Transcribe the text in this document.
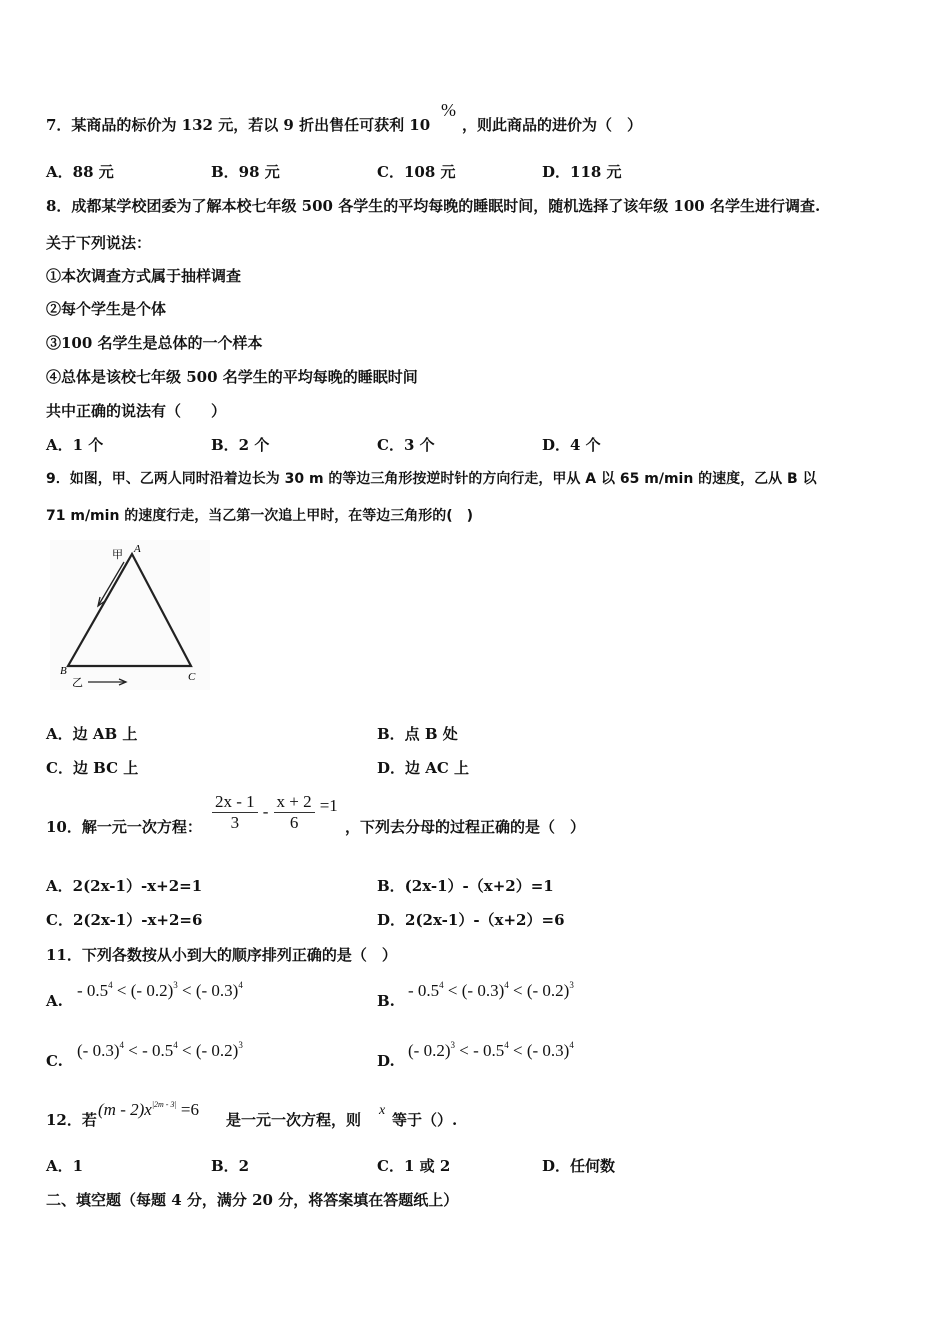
7．某商品的标价为 132 元，若以 9 折出售任可获利 10
%
，则此商品的进价为（　）
A．88 元	B．98 元	C．108 元	D．118 元
8．成都某学校团委为了解本校七年级 500 各学生的平均每晚的睡眠时间，随机选择了该年级 100 名学生进行调查.
关于下列说法：
①本次调查方式属于抽样调查
②每个学生是个体
③100 名学生是总体的一个样本
④总体是该校七年级 500 名学生的平均每晚的睡眠时间
共中正确的说法有（　　）
A．1 个	B．2 个	C．3 个	D．4 个
9．如图，甲、乙两人同时沿着边长为 30 m 的等边三角形按逆时针的方向行走，甲从 A 以 65 m/min 的速度，乙从 B 以
71 m/min 的速度行走，当乙第一次追上甲时，在等边三角形的(　)
A
B	C
甲
乙
A．边 AB 上	B．点 B 处
C．边 BC 上	D．边 AC 上
10．解一元一次方程： $\frac{2x - 1}{3} - \frac{x + 2}{6} =1$
，下列去分母的过程正确的是（　）
A．2(2x-1）-x+2=1	B．(2x-1）-（x+2）=1
C．2(2x-1）-x+2=6	D．2(2x-1）-（x+2）=6
11．下列各数按从小到大的顺序排列正确的是（　）
A.
- $0.5^4$ < (- 0.2)$^3$ < (- 0.3)$^4$
B.
- $0.5^4$ < (- 0.3)$^4$ < (- 0.2)$^3$
C.
(- 0.3)$^4$ < - $0.5^4$ < (- 0.2)$^3$
D.
(- 0.2)$^3$ < - $0.5^4$ < (- 0.3)$^4$
12．若
$(m - 2)x^{|2m - 3|} =6$
是一元一次方程，则
x
等于（）.
A．1	B．2	C．1 或 2	D．任何数
二、填空题（每题 4 分，满分 20 分，将答案填在答题纸上）
